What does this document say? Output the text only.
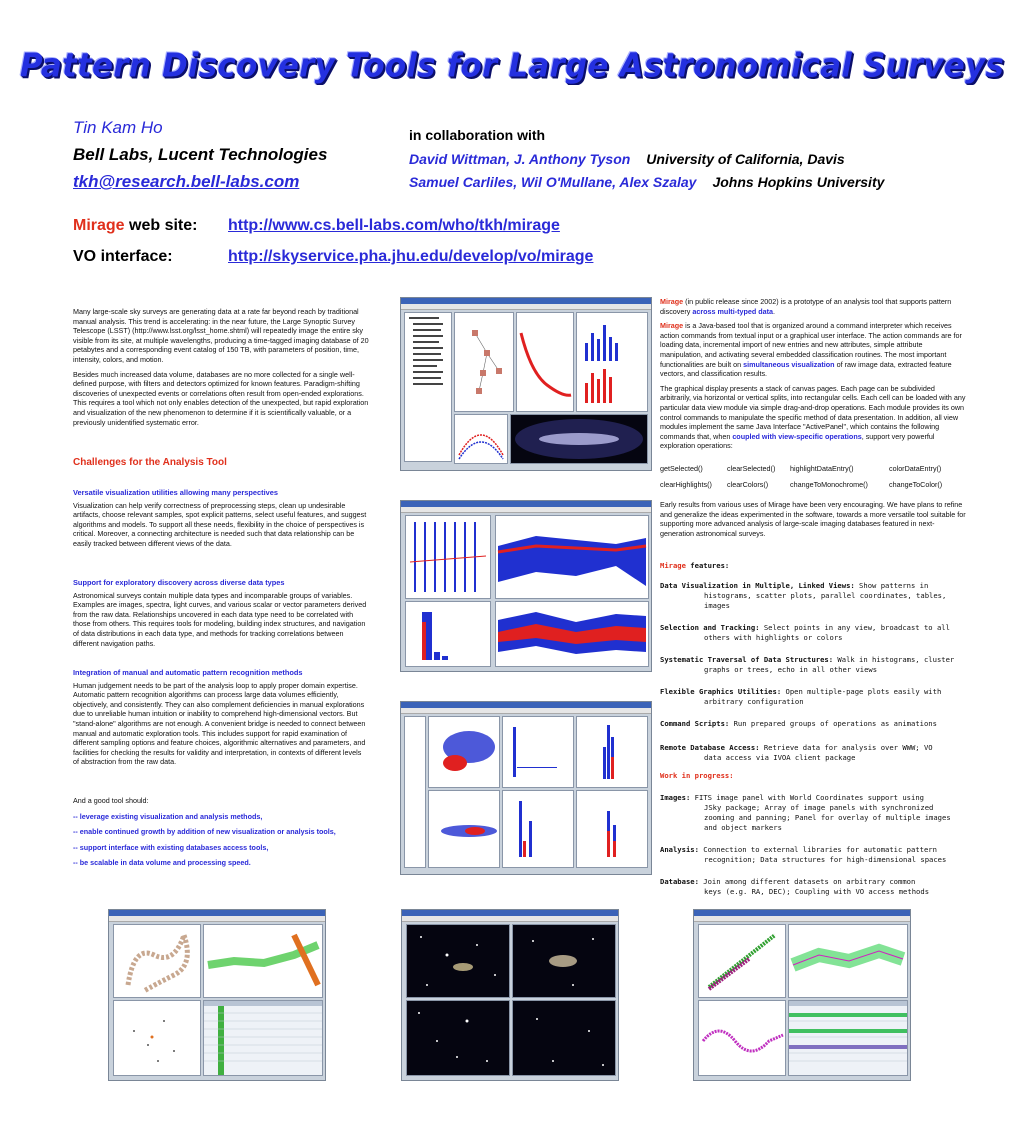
Pattern Discovery Tools for Large Astronomical Surveys
Tin Kam Ho
Bell Labs, Lucent Technologies
tkh@research.bell-labs.com
in collaboration with
David Wittman, J. Anthony Tyson University of California, Davis
Samuel Carliles, Wil O'Mullane, Alex Szalay Johns Hopkins University
Mirage web site: http://www.cs.bell-labs.com/who/tkh/mirage
VO interface:	http://skyservice.pha.jhu.edu/develop/vo/mirage

Many large-scale sky surveys are generating data at a rate far beyond reach by traditional manual analysis. This trend is accelerating: in the near future, the Large Synoptic Survey Telescope (LSST) (http://www.lsst.org/lsst_home.shtml) will repeatedly image the entire sky visible from its site, at multiple wavelengths, producing a time-tagged imaging database of 20 petabytes and a corresponding event catalog of 150 TB, with parameters of position, time, intensity, colors, and motion.

Besides much increased data volume, databases are no more collected for a single well-defined purpose, with filters and detectors optimized for known features. Paradigm-shifting discoveries of unexpected events or correlations often result from open-ended explorations. This requires a tool which not only enables detection of the unexpected, but rapid exploration and visualization of the new phenomenon to determine if it is scientifically valuable, or a previously unidentified systematic error.

Challenges for the Analysis Tool
Versatile visualization utilities allowing many perspectives

Visualization can help verify correctness of preprocessing steps, clean up undesirable artifacts, choose relevant samples, spot explicit patterns, select useful features, and suggest algorithms and models. To support all these needs, flexibility in the choice of perspectives is critical. Moreover, a connecting architecture is needed such that data relationship can be easily tracked between different views of the data.

Support for exploratory discovery across diverse data types

Astronomical surveys contain multiple data types and incomparable groups of variables. Examples are images, spectra, light curves, and various scalar or vector parameters derived from the raw data. Relationships uncovered in each data type need to be correlated with those from others. This requires tools for modeling, building index structures, and navigation of data distributions in each data type, and methods for tracking correlations between different navigation paths.

Integration of manual and automatic pattern recognition methods

Human judgement needs to be part of the analysis loop to apply proper domain expertise. Automatic pattern recognition algorithms can process large data volumes efficiently, objectively, and consistently. They can also complement deficiencies in manual explorations due to unreliable human intuition or inability to comprehend high-dimensional vectors. But "stand-alone" algorithms are not enough. A convenient bridge is needed to connect between manual and automatic exploration tools. This includes support for rapid examination of different sampling options and feature choices, algorithmic alternatives and parameters, and facilities for checking the results for validity and interpretation, in contexts of different levels of abstraction from the raw data.

And a good tool should:
-- leverage existing visualization and analysis methods,
-- enable continued growth by addition of new visualization or analysis tools,
-- support interface with existing databases access tools,
-- be scalable in data volume and processing speed.

Mirage (in public release since 2002) is a prototype of an analysis tool that supports pattern discovery across multi-typed data.

Mirage is a Java-based tool that is organized around a command interpreter which receives action commands from textual input or a graphical user interface. The action commands are for loading data, incremental import of new entries and new attributes, simple attribute manipulation, and activating several embedded classification routines. The most important functionalities are built on simultaneous visualization of raw image data, extracted feature vectors, and classification results.

The graphical display presents a stack of canvas pages. Each page can be subdivided arbitrarily, via horizontal or vertical splits, into rectangular cells. Each cell can be loaded with any particular data view module via simple drag-and-drop operations. Each module provides its own control commands to manipulate the specific method of data presentation. In addition, all view modules implement the same Java Interface "ActivePanel", which contains the following commands that, when coupled with view-specific operations, support very powerful exploration operations:

getSelected()	clearSelected() highlightDataEntry()	colorDataEntry()
clearHighlights() clearColors()	changeToMonochrome()	changeToColor()
Early results from various uses of Mirage have been very encouraging. We have plans to refine and generalize the ideas experimented in the software, towards a more versatile tool suitable for supporting more advanced analysis of large-scale imaging databases featured in next-generation astronomical surveys.
Mirage features:
Data Visualization in Multiple, Linked Views: Show patterns in
histograms, scatter plots, parallel coordinates, tables, images
Selection and Tracking: Select points in any view, broadcast to all
others with highlights or colors
Systematic Traversal of Data Structures: Walk in histograms, cluster
graphs or trees, echo in all other views
Flexible Graphics Utilities: Open multiple-page plots easily with
arbitrary configuration
Command Scripts: Run prepared groups of operations as animations
Remote Database Access: Retrieve data for analysis over WWW; VO
data access via IVOA client package
Work in progress:
Images: FITS image panel with World Coordinates support using
JSky package; Array of image panels with synchronized
zooming and panning; Panel for overlay of multiple images
and object markers
Analysis: Connection to external libraries for automatic pattern
recognition; Data structures for high-dimensional spaces
Database: Join among different datasets on arbitrary common
keys (e.g. RA, DEC); Coupling with VO access methods
